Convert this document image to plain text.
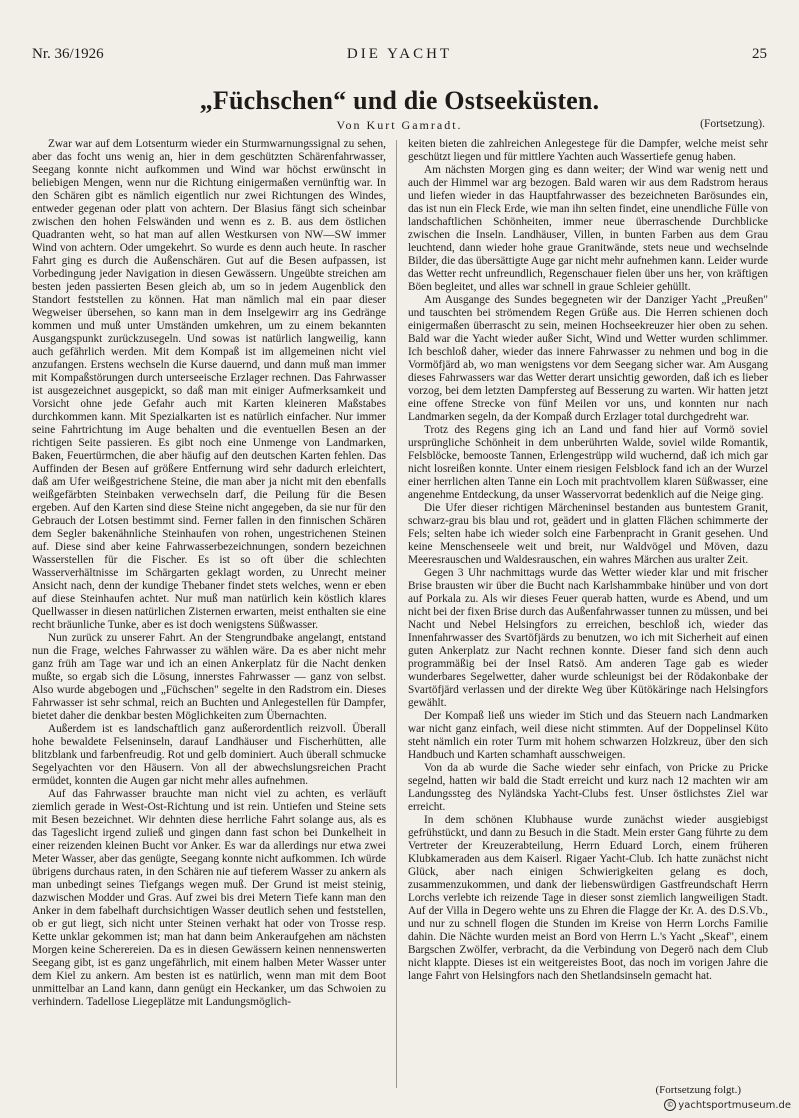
Nr. 36/1926	DIE YACHT	25
„Füchschen“ und die Ostseeküsten.
Von Kurt Gamradt.	(Fortsetzung).

Zwar war auf dem Lotsenturm wieder ein Sturmwarnungssignal zu sehen, aber das focht uns wenig an, hier in dem geschützten Schärenfahrwasser, Seegang konnte nicht aufkommen und Wind war höchst erwünscht in beliebigen Mengen, wenn nur die Richtung einigermaßen vernünftig war. In den Schären gibt es nämlich eigentlich nur zwei Richtungen des Windes, entweder gegenan oder platt von achtern. Der Blasius fängt sich scheinbar zwischen den hohen Felswänden und wenn es z. B. aus dem östlichen Quadranten weht, so hat man auf allen Westkursen von NW—SW immer Wind von achtern. Oder umgekehrt. So wurde es denn auch heute. In rascher Fahrt ging es durch die Außenschären. Gut auf die Besen aufpassen, ist Vorbedingung jeder Navigation in diesen Gewässern. Ungeübte streichen am besten jeden passierten Besen gleich ab, um so in jedem Augenblick den Standort feststellen zu können. Hat man nämlich mal ein paar dieser Wegweiser übersehen, so kann man in dem Inselgewirr arg ins Gedränge kommen und muß unter Umständen umkehren, um zu einem bekannten Ausgangspunkt zurückzusegeln. Und sowas ist natürlich langweilig, kann auch gefährlich werden. Mit dem Kompaß ist im allgemeinen nicht viel anzufangen. Erstens wechseln die Kurse dauernd, und dann muß man immer mit Kompaßstörungen durch unterseeische Erzlager rechnen. Das Fahrwasser ist ausgezeichnet ausgepickt, so daß man mit einiger Aufmerksamkeit und Vorsicht ohne jede Gefahr auch mit Karten kleineren Maßstabes durchkommen kann. Mit Spezialkarten ist es natürlich einfacher. Nur immer seine Fahrtrichtung im Auge behalten und die eventuellen Besen an der richtigen Seite passieren. Es gibt noch eine Unmenge von Landmarken, Baken, Feuertürmchen, die aber häufig auf den deutschen Karten fehlen. Das Auffinden der Besen auf größere Entfernung wird sehr dadurch erleichtert, daß am Ufer weißgestrichene Steine, die man aber ja nicht mit den ebenfalls weißgefärbten Steinbaken verwechseln darf, die Peilung für die Besen ergeben. Auf den Karten sind diese Steine nicht angegeben, da sie nur für den Gebrauch der Lotsen bestimmt sind. Ferner fallen in den finnischen Schären dem Segler bakenähnliche Steinhaufen von rohen, ungestrichenen Steinen auf. Diese sind aber keine Fahrwasserbezeichnungen, sondern bezeichnen Wasserstellen für die Fischer. Es ist so oft über die schlechten Wasserverhältnisse im Schärgarten geklagt worden, zu Unrecht meiner Ansicht nach, denn der kundige Thebaner findet stets welches, wenn er eben auf diese Steinhaufen achtet. Nur muß man natürlich kein köstlich klares Quellwasser in diesen natürlichen Zisternen erwarten, meist enthalten sie eine recht bräunliche Tunke, aber es ist doch wenigstens Süßwasser.

Nun zurück zu unserer Fahrt. An der Stengrundbake angelangt, entstand nun die Frage, welches Fahrwasser zu wählen wäre. Da es aber nicht mehr ganz früh am Tage war und ich an einen Ankerplatz für die Nacht denken mußte, so ergab sich die Lösung, innerstes Fahrwasser — ganz von selbst. Also wurde abgebogen und „Füchschen" segelte in den Radstrom ein. Dieses Fahrwasser ist sehr schmal, reich an Buchten und Anlegestellen für Dampfer, bietet daher die denkbar besten Möglichkeiten zum Übernachten.

Außerdem ist es landschaftlich ganz außerordentlich reizvoll. Überall hohe bewaldete Felseninseln, darauf Landhäuser und Fischerhütten, alle blitzblank und farbenfreudig. Rot und gelb dominiert. Auch überall schmucke Segelyachten vor den Häusern. Von all der abwechslungsreichen Pracht ermüdet, konnten die Augen gar nicht mehr alles aufnehmen.

Auf das Fahrwasser brauchte man nicht viel zu achten, es verläuft ziemlich gerade in West-Ost-Richtung und ist rein. Untiefen und Steine sets mit Besen bezeichnet. Wir dehnten diese herrliche Fahrt solange aus, als es das Tageslicht irgend zuließ und gingen dann fast schon bei Dunkelheit in einer reizenden kleinen Bucht vor Anker. Es war da allerdings nur etwa zwei Meter Wasser, aber das genügte, Seegang konnte nicht aufkommen. Ich würde übrigens durchaus raten, in den Schären nie auf tieferem Wasser zu ankern als man unbedingt seines Tiefgangs wegen muß. Der Grund ist meist steinig, dazwischen Modder und Gras. Auf zwei bis drei Metern Tiefe kann man den Anker in dem fabelhaft durchsichtigen Wasser deutlich sehen und feststellen, ob er gut liegt, sich nicht unter Steinen verhakt hat oder von Trosse resp. Kette unklar gekommen ist; man hat dann beim Ankeraufgehen am nächsten Morgen keine Scherereien. Da es in diesen Gewässern keinen nennenswerten Seegang gibt, ist es ganz ungefährlich, mit einem halben Meter Wasser unter dem Kiel zu ankern. Am besten ist es natürlich, wenn man mit dem Boot unmittelbar an Land kann, dann genügt ein Heckanker, um das Schwoien zu verhindern. Tadellose Liegeplätze mit Landungsmöglich-

keiten bieten die zahlreichen Anlegestege für die Dampfer, welche meist sehr geschützt liegen und für mittlere Yachten auch Wassertiefe genug haben.

Am nächsten Morgen ging es dann weiter; der Wind war wenig nett und auch der Himmel war arg bezogen. Bald waren wir aus dem Radstrom heraus und liefen wieder in das Hauptfahrwasser des bezeichneten Barösundes ein, das ist nun ein Fleck Erde, wie man ihn selten findet, eine unendliche Fülle von landschaftlichen Schönheiten, immer neue überraschende Durchblicke zwischen die Inseln. Landhäuser, Villen, in bunten Farben aus dem Grau leuchtend, dann wieder hohe graue Granitwände, stets neue und wechselnde Bilder, die das übersättigte Auge gar nicht mehr aufnehmen kann. Leider wurde das Wetter recht unfreundlich, Regenschauer fielen über uns her, von kräftigen Böen begleitet, und alles war schnell in graue Schleier gehüllt.

Am Ausgange des Sundes begegneten wir der Danziger Yacht „Preußen" und tauschten bei strömendem Regen Grüße aus. Die Herren schienen doch einigermaßen überrascht zu sein, meinen Hochseekreuzer hier oben zu sehen. Bald war die Yacht wieder außer Sicht, Wind und Wetter wurden schlimmer. Ich beschloß daher, wieder das innere Fahrwasser zu nehmen und bog in die Vormöfjärd ab, wo man wenigstens vor dem Seegang sicher war. Am Ausgang dieses Fahrwassers war das Wetter derart unsichtig geworden, daß ich es lieber vorzog, bei dem letzten Dampfersteg auf Besserung zu warten. Wir hatten jetzt eine offene Strecke von fünf Meilen vor uns, und konnten nur nach Landmarken segeln, da der Kompaß durch Erzlager total durchgedreht war.

Trotz des Regens ging ich an Land und fand hier auf Vormö soviel ursprüngliche Schönheit in dem unberührten Walde, soviel wilde Romantik, Felsblöcke, bemooste Tannen, Erlengestrüpp wild wuchernd, daß ich mich gar nicht losreißen konnte. Unter einem riesigen Felsblock fand ich an der Wurzel einer herrlichen alten Tanne ein Loch mit prachtvollem klaren Süßwasser, eine angenehme Entdeckung, da unser Wasservorrat bedenklich auf die Neige ging.

Die Ufer dieser richtigen Märcheninsel bestanden aus buntestem Granit, schwarz-grau bis blau und rot, geädert und in glatten Flächen schimmerte der Fels; selten habe ich wieder solch eine Farbenpracht in Granit gesehen. Und keine Menschenseele weit und breit, nur Waldvögel und Möven, dazu Meeresrauschen und Waldesrauschen, ein wahres Märchen aus uralter Zeit.

Gegen 3 Uhr nachmittags wurde das Wetter wieder klar und mit frischer Brise brausten wir über die Bucht nach Karlshammbake hinüber und von dort auf Porkala zu. Als wir dieses Feuer querab hatten, wurde es Abend, und um nicht bei der fixen Brise durch das Außenfahrwasser tunnen zu müssen, und bei Nacht und Nebel Helsingfors zu erreichen, beschloß ich, wieder das Innenfahrwasser des Svartöfjärds zu benutzen, wo ich mit Sicherheit auf einen guten Ankerplatz zur Nacht rechnen konnte. Dieser fand sich denn auch programmäßig bei der Insel Ratsö. Am anderen Tage gab es wieder wunderbares Segelwetter, daher wurde schleunigst bei der Rödakonbake der Svartöfjärd verlassen und der direkte Weg über Kütökäringe nach Helsingfors gewählt.

Der Kompaß ließ uns wieder im Stich und das Steuern nach Landmarken war nicht ganz einfach, weil diese nicht stimmten. Auf der Doppelinsel Küto steht nämlich ein roter Turm mit hohem schwarzen Holzkreuz, über den sich Handbuch und Karten schamhaft ausschweigen.

Von da ab wurde die Sache wieder sehr einfach, von Pricke zu Pricke segelnd, hatten wir bald die Stadt erreicht und kurz nach 12 machten wir am Landungssteg des Nyländska Yacht-Clubs fest. Unser östlichstes Ziel war erreicht.

In dem schönen Klubhause wurde zunächst wieder ausgiebigst gefrühstückt, und dann zu Besuch in die Stadt. Mein erster Gang führte zu dem Vertreter der Kreuzerabteilung, Herrn Eduard Lorch, einem früheren Klubkameraden aus dem Kaiserl. Rigaer Yacht-Club. Ich hatte zunächst nicht Glück, aber nach einigen Schwierigkeiten gelang es doch, zusammenzukommen, und dank der liebenswürdigen Gastfreundschaft Herrn Lorchs verlebte ich reizende Tage in dieser sonst ziemlich langweiligen Stadt. Auf der Villa in Degero wehte uns zu Ehren die Flagge der Kr. A. des D.S.Vb., und nur zu schnell flogen die Stunden im Kreise von Herrn Lorchs Familie dahin. Die Nächte wurden meist an Bord von Herrn L.'s Yacht „Skeaf", einem Bargschen Zwölfer, verbracht, da die Verbindung von Degerö nach dem Club nicht klappte. Dieses ist ein weitgereistes Boot, das noch im vorigen Jahre die lange Fahrt von Helsingfors nach den Shetlandsinseln gemacht hat.

(Fortsetzung folgt.)
© yachtsportmuseum.de
